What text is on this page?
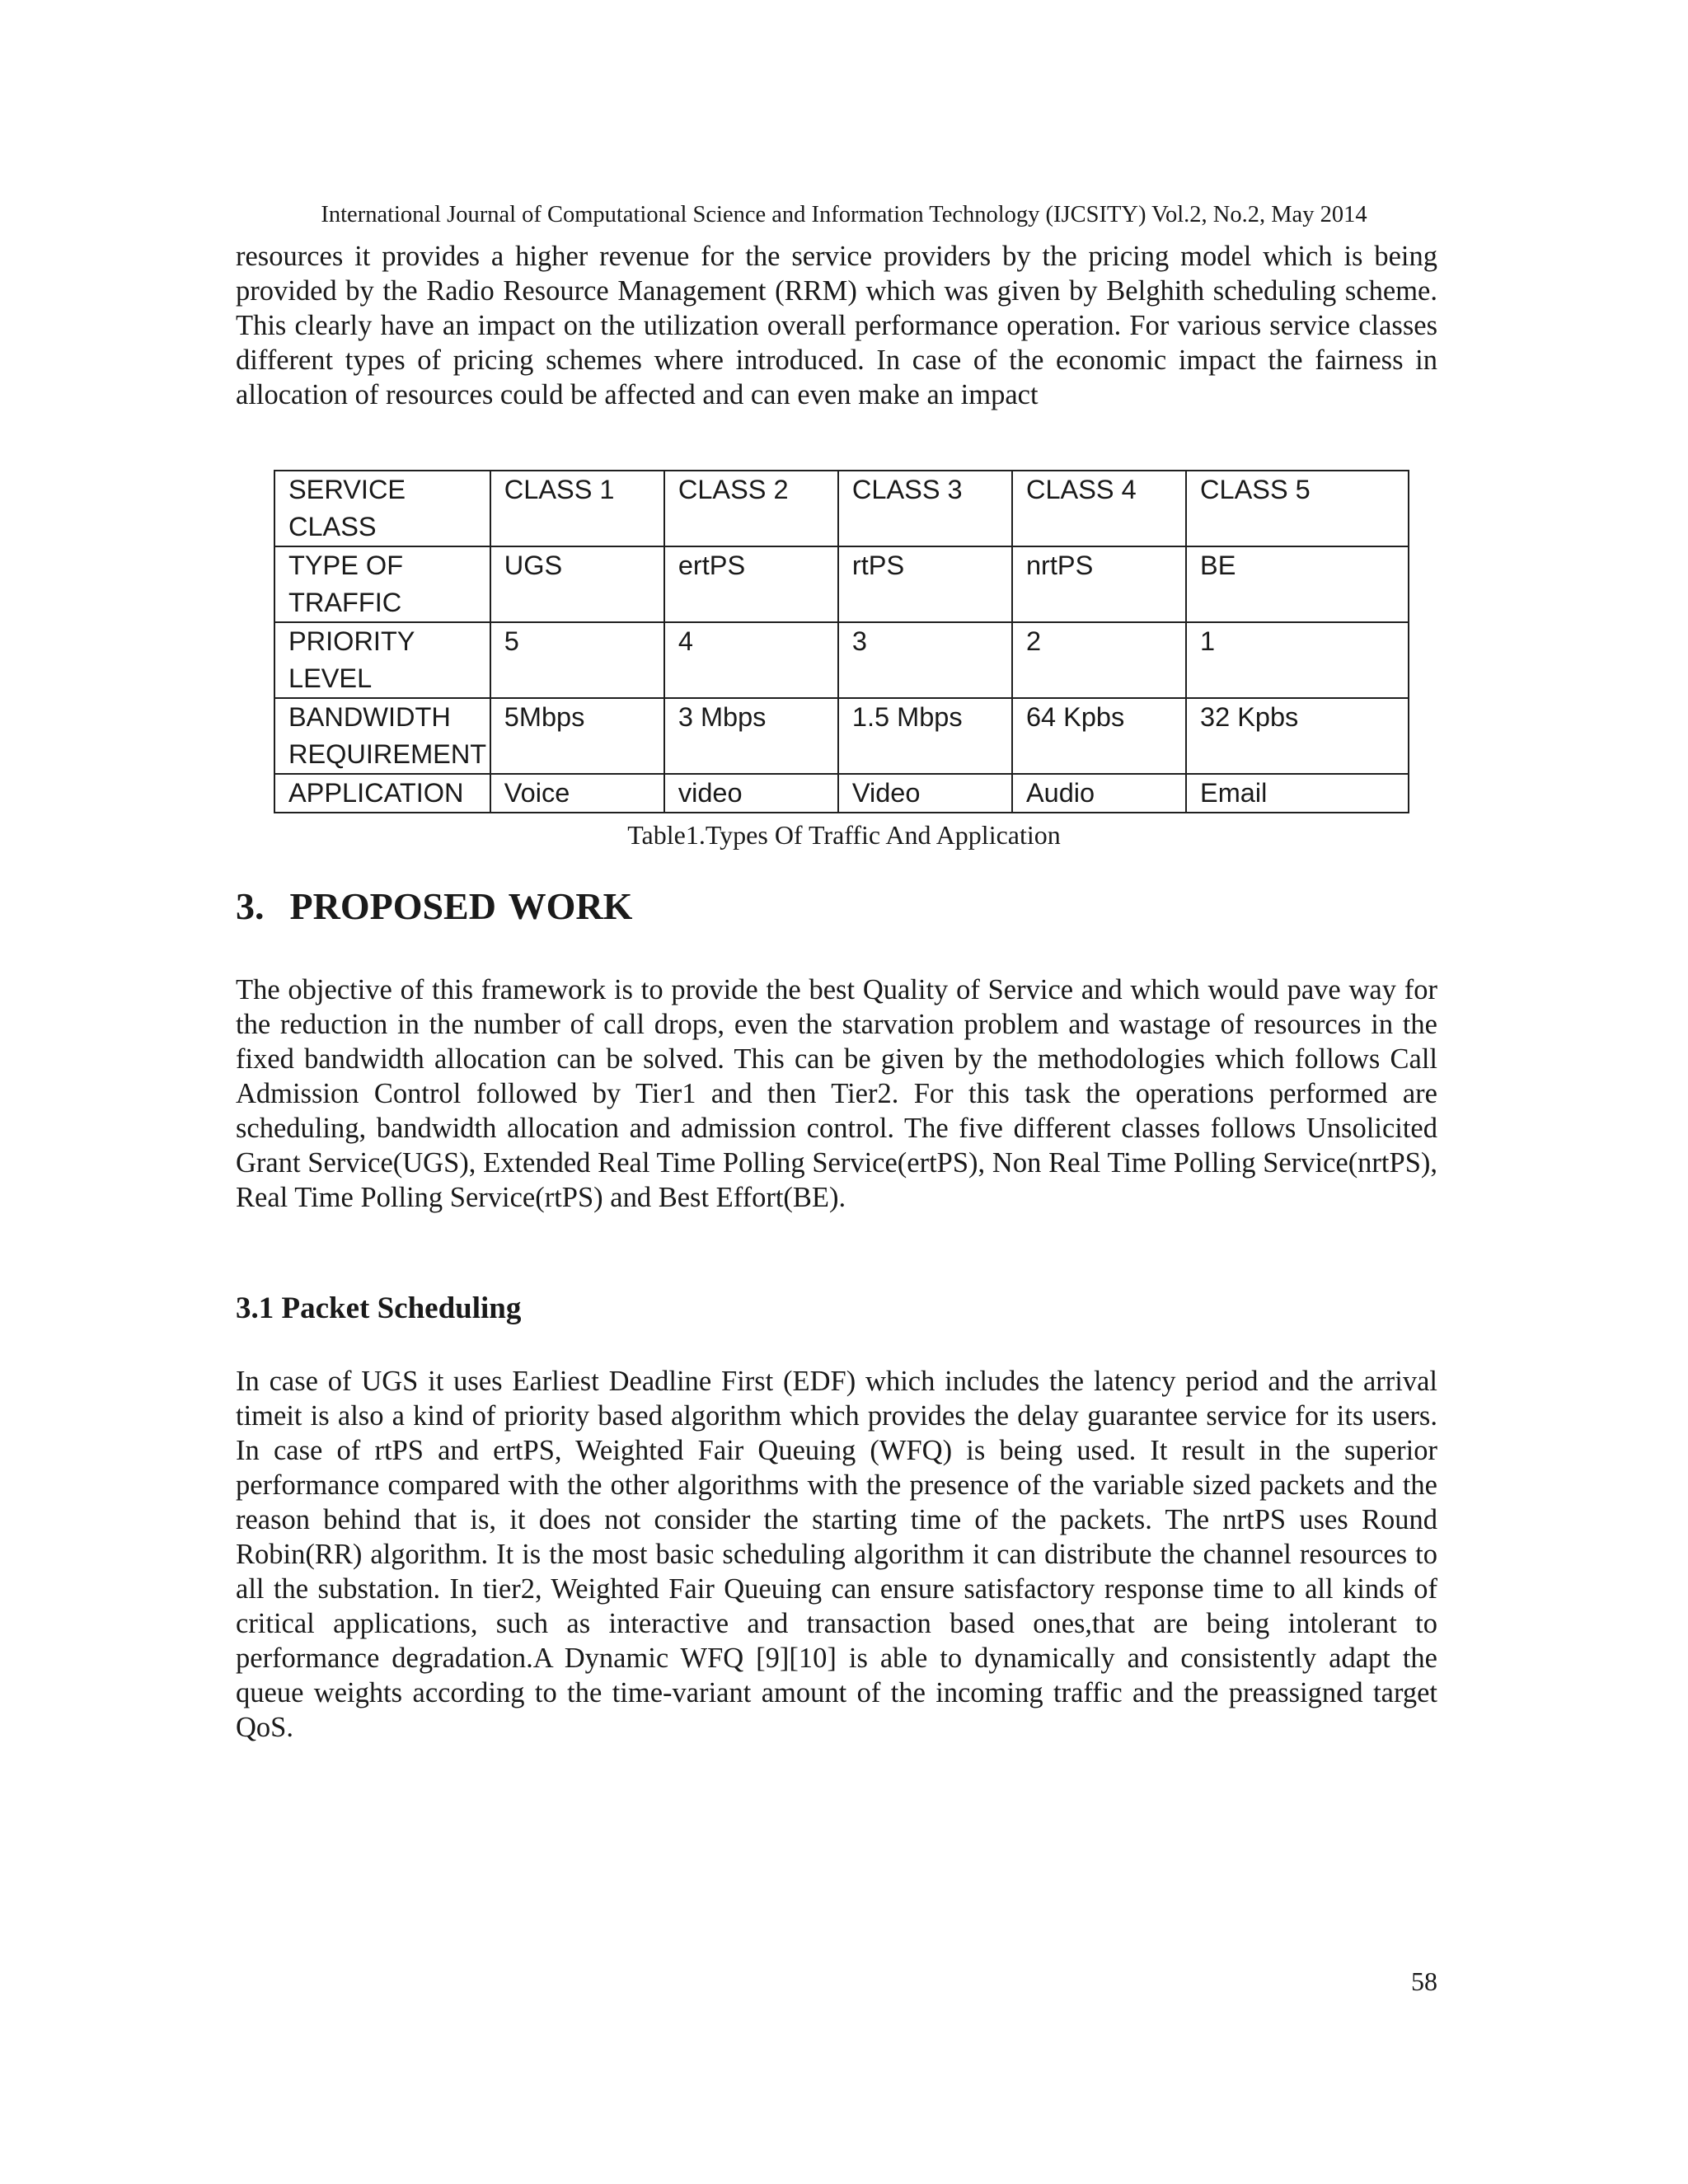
International Journal of Computational Science and Information Technology (IJCSITY) Vol.2, No.2, May 2014

resources it provides a higher revenue for the service providers by the pricing model which is being provided by the Radio Resource Management (RRM) which was given by Belghith scheduling scheme. This clearly have an impact on the utilization overall performance operation. For various service classes different types of pricing schemes where introduced. In case of the economic impact the fairness in allocation of resources could be affected and can even make an impact

SERVICE CLASS	CLASS 1	CLASS 2	CLASS 3	CLASS 4	CLASS 5
TYPE OF TRAFFIC	UGS	ertPS	rtPS	nrtPS	BE
PRIORITY LEVEL	5	4	3	2	1
BANDWIDTH REQUIREMENT	5Mbps	3 Mbps	1.5 Mbps	64 Kpbs	32 Kpbs
APPLICATION	Voice	video	Video	Audio	Email
Table1.Types Of Traffic And Application
3.  PROPOSED WORK

The objective of this framework is to provide the best Quality of Service and which would pave way for the reduction in the number of call drops, even the starvation problem and wastage of resources in the fixed bandwidth allocation can be solved. This can be given by the methodologies which follows Call Admission Control followed by Tier1 and then Tier2. For this task the operations performed are scheduling, bandwidth allocation and admission control. The five different classes follows Unsolicited Grant Service(UGS), Extended Real Time Polling Service(ertPS), Non Real Time Polling Service(nrtPS), Real Time Polling Service(rtPS) and Best Effort(BE).

3.1 Packet Scheduling

In case of UGS it uses Earliest Deadline First (EDF) which includes the latency period and the arrival timeit is also a kind of priority based algorithm which provides the delay guarantee service for its users. In case of rtPS and ertPS, Weighted Fair Queuing (WFQ) is being used. It result in the superior performance compared with the other algorithms with the presence of the variable sized packets and the reason behind that is, it does not consider the starting time of the packets. The nrtPS uses Round Robin(RR) algorithm. It is the most basic scheduling algorithm it can distribute the channel resources to all the substation. In tier2, Weighted Fair Queuing can ensure satisfactory response time to all kinds of critical applications, such as interactive and transaction based ones,that are being intolerant to performance degradation.A Dynamic WFQ [9][10] is able to dynamically and consistently adapt the queue weights according to the time-variant amount of the incoming traffic and the preassigned target QoS.

58
